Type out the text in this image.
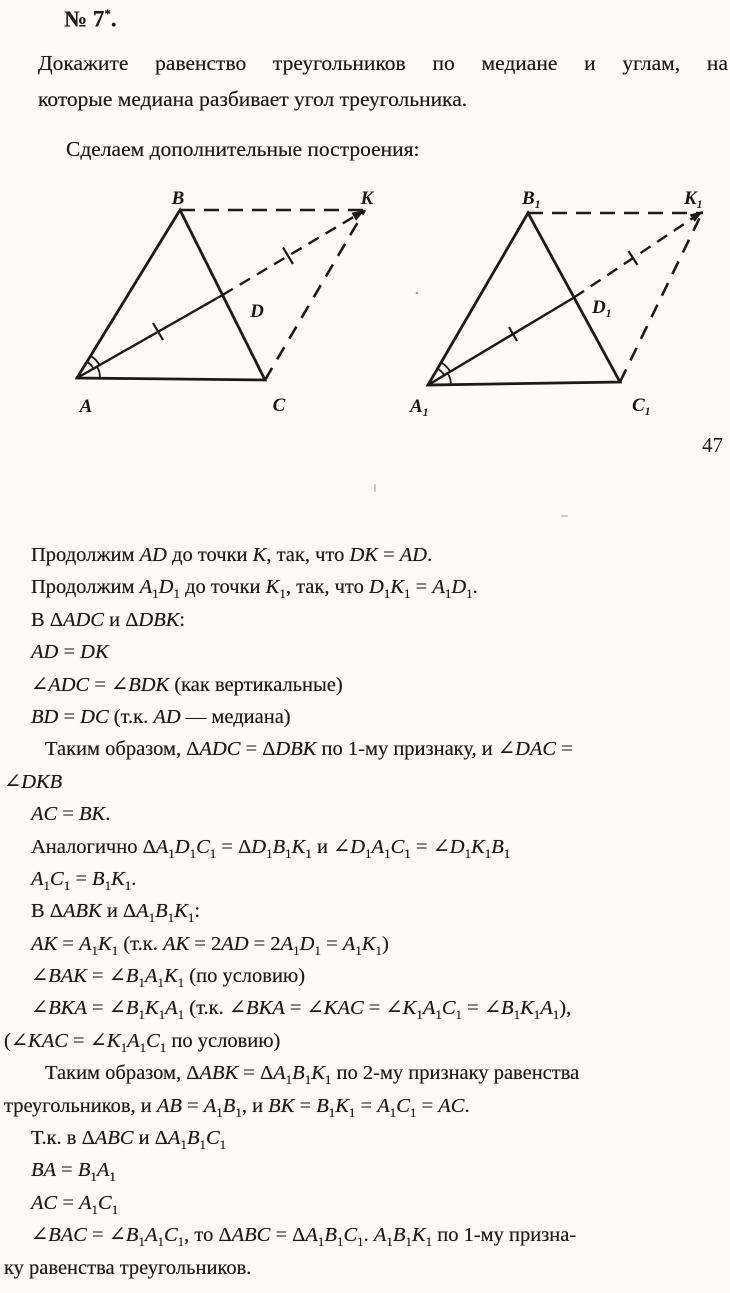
№ 7*.
Докажите равенство треугольников по медиане и углам, на
которые медиана разбивает угол треугольника.
Сделаем дополнительные построения:
B	K
A	C
D
$B_1$	$K_1$
$A_1$	$C_1$
$D_1$
47
Продолжим AD до точки K, так, что DK = AD.
Продолжим $A_1D_1$ до точки $K_1$, так, что $D_1K_1 = A_1D_1$.
В ΔADC и ΔDBK:
AD = DK
∠ADC = ∠BDK (как вертикальные)
BD = DC (т.к. AD — медиана)
Таким образом, ΔADC = ΔDBK по 1-му признаку, и ∠DAC =
∠DKB
AC = BK.
Аналогично $\Delta A_1D_1C_1 = \Delta D_1B_1K_1$ и $\angle D_1A_1C_1$ = $\angle D_1K_1B_1$
$A_1C_1 = B_1K_1$.
В ΔABK и $\Delta A_1B_1K_1$:
AK = $A_1K_1$ (т.к. AK = $2AD = 2A_1D_1 = A_1K_1$)
∠BAK = $\angle B_1A_1K_1$ (по условию)
∠BKA = $\angle B_1K_1A_1$ (т.к. ∠BKA = ∠KAC = $\angle K_1A_1C_1$ = $\angle B_1K_1A_1$),
(∠KAC = $\angle K_1A_1C_1$ по условию)
Таким образом, $\Delta ABK = \Delta A_1B_1K_1$ по 2-му признаку равенства
треугольников, и AB = $A_1B_1$, и BK = $B_1K_1 = A_1C_1$ = AC.
Т.к. в ΔABC и $\Delta A_1B_1C_1$
BA = $B_1A_1$
AC = $A_1C_1$
∠BAC = $\angle B_1A_1C_1$, то $\Delta ABC = \Delta A_1B_1C_1$. $A_1B_1K_1$ по 1-му призна-
ку равенства треугольников.
